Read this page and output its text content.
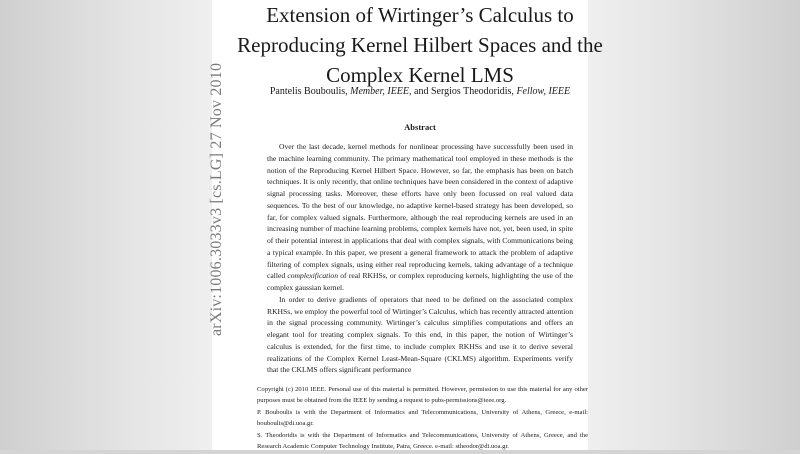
arXiv:1006.3033v3 [cs.LG] 27 Nov 2010
Extension of Wirtinger’s Calculus to
Reproducing Kernel Hilbert Spaces and the
Complex Kernel LMS
Pantelis Bouboulis, Member, IEEE, and Sergios Theodoridis, Fellow, IEEE
Abstract

Over the last decade, kernel methods for nonlinear processing have successfully been used in the machine learning community. The primary mathematical tool employed in these methods is the notion of the Reproducing Kernel Hilbert Space. However, so far, the emphasis has been on batch techniques. It is only recently, that online techniques have been considered in the context of adaptive signal processing tasks. Moreover, these efforts have only been focussed on real valued data sequences. To the best of our knowledge, no adaptive kernel-based strategy has been developed, so far, for complex valued signals. Furthermore, although the real reproducing kernels are used in an increasing number of machine learning problems, complex kernels have not, yet, been used, in spite of their potential interest in applications that deal with complex signals, with Communications being a typical example. In this paper, we present a general framework to attack the problem of adaptive filtering of complex signals, using either real reproducing kernels, taking advantage of a technique called complexification of real RKHSs, or complex reproducing kernels, highlighting the use of the complex gaussian kernel.

In order to derive gradients of operators that need to be defined on the associated complex RKHSs, we employ the powerful tool of Wirtinger’s Calculus, which has recently attracted attention in the signal processing community. Wirtinger’s calculus simplifies computations and offers an elegant tool for treating complex signals. To this end, in this paper, the notion of Wirtinger’s calculus is extended, for the first time, to include complex RKHSs and use it to derive several realizations of the Complex Kernel Least-Mean-Square (CKLMS) algorithm. Experiments verify that the CKLMS offers significant performance

Copyright (c) 2010 IEEE. Personal use of this material is permitted. However, permission to use this material for any other purposes must be obtained from the IEEE by sending a request to pubs-permissions@ieee.org.

P. Bouboulis is with the Department of Informatics and Telecommunications, University of Athens, Greece, e-mail: bouboulis@di.uoa.gr.

S. Theodoridis is with the Department of Informatics and Telecommunications, University of Athens, Greece, and the Research Academic Computer Technology Institute, Patra, Greece. e-mail: stheodor@di.uoa.gr.
